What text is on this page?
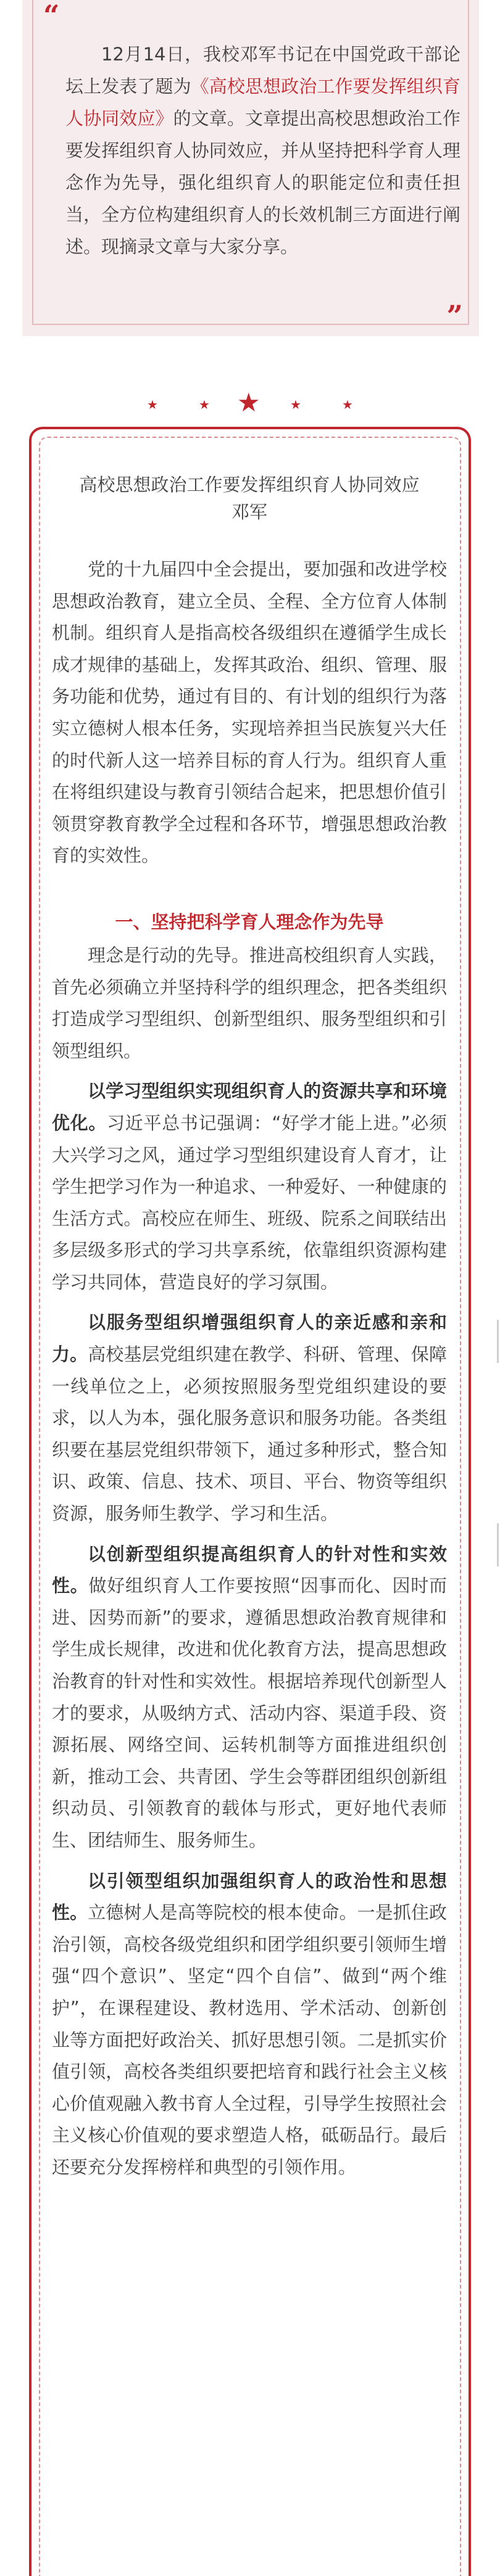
“
”
12月14日，我校邓军书记在中国党政干部论坛上发表了题为《高校思想政治工作要发挥组织育人协同效应》的文章。文章提出高校思想政治工作要发挥组织育人协同效应，并从坚持把科学育人理念作为先导，强化组织育人的职能定位和责任担当，全方位构建组织育人的长效机制三方面进行阐述。现摘录文章与大家分享。
★	★ ★ ★	★
高校思想政治工作要发挥组织育人协同效应

邓军

党的十九届四中全会提出，要加强和改进学校思想政治教育，建立全员、全程、全方位育人体制机制。组织育人是指高校各级组织在遵循学生成长成才规律的基础上，发挥其政治、组织、管理、服务功能和优势，通过有目的、有计划的组织行为落实立德树人根本任务，实现培养担当民族复兴大任的时代新人这一培养目标的育人行为。组织育人重在将组织建设与教育引领结合起来，把思想价值引领贯穿教育教学全过程和各环节，增强思想政治教育的实效性。

一、坚持把科学育人理念作为先导

理念是行动的先导。推进高校组织育人实践，首先必须确立并坚持科学的组织理念，把各类组织打造成学习型组织、创新型组织、服务型组织和引领型组织。

以学习型组织实现组织育人的资源共享和环境优化。习近平总书记强调：“好学才能上进。”必须大兴学习之风，通过学习型组织建设育人育才，让学生把学习作为一种追求、一种爱好、一种健康的生活方式。高校应在师生、班级、院系之间联结出多层级多形式的学习共享系统，依靠组织资源构建学习共同体，营造良好的学习氛围。

以服务型组织增强组织育人的亲近感和亲和力。高校基层党组织建在教学、科研、管理、保障一线单位之上，必须按照服务型党组织建设的要求，以人为本，强化服务意识和服务功能。各类组织要在基层党组织带领下，通过多种形式，整合知识、政策、信息、技术、项目、平台、物资等组织资源，服务师生教学、学习和生活。

以创新型组织提高组织育人的针对性和实效性。做好组织育人工作要按照“因事而化、因时而进、因势而新”的要求，遵循思想政治教育规律和学生成长规律，改进和优化教育方法，提高思想政治教育的针对性和实效性。根据培养现代创新型人才的要求，从吸纳方式、活动内容、渠道手段、资源拓展、网络空间、运转机制等方面推进组织创新，推动工会、共青团、学生会等群团组织创新组织动员、引领教育的载体与形式，更好地代表师生、团结师生、服务师生。

以引领型组织加强组织育人的政治性和思想性。立德树人是高等院校的根本使命。一是抓住政治引领，高校各级党组织和团学组织要引领师生增强“四个意识”、坚定“四个自信”、做到“两个维护”，在课程建设、教材选用、学术活动、创新创业等方面把好政治关、抓好思想引领。二是抓实价值引领，高校各类组织要把培育和践行社会主义核心价值观融入教书育人全过程，引导学生按照社会主义核心价值观的要求塑造人格，砥砺品行。最后还要充分发挥榜样和典型的引领作用。
